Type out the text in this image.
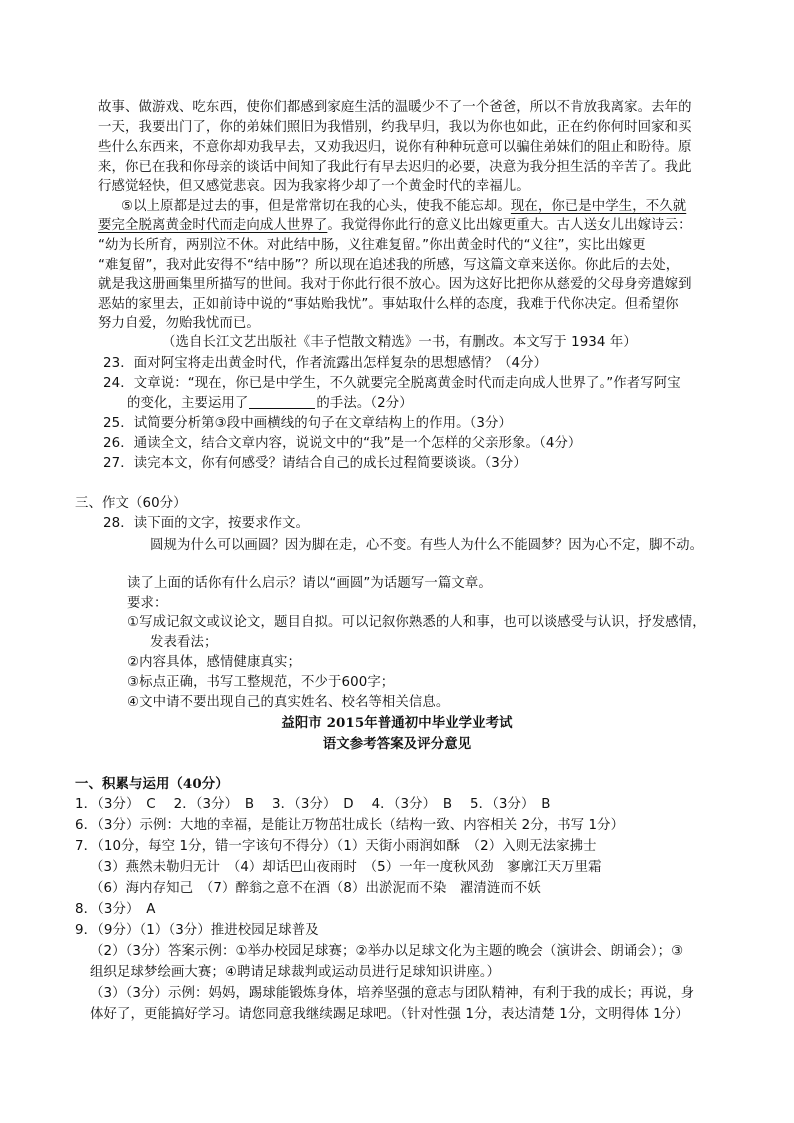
故事、做游戏、吃东西，使你们都感到家庭生活的温暖少不了一个爸爸，所以不肯放我离家。去年的
一天，我要出门了，你的弟妹们照旧为我惜别，约我早归，我以为你也如此，正在约你何时回家和买
些什么东西来，不意你却劝我早去，又劝我迟归，说你有种种玩意可以骗住弟妹们的阻止和盼待。原
来，你已在我和你母亲的谈话中间知了我此行有早去迟归的必要，决意为我分担生活的辛苦了。我此
行感觉轻快，但又感觉悲哀。因为我家将少却了一个黄金时代的幸福儿。
⑤以上原都是过去的事，但是常常切在我的心头，使我不能忘却。现在，你已是中学生，不久就
要完全脱离黄金时代而走向成人世界了。我觉得你此行的意义比出嫁更重大。古人送女儿出嫁诗云：
“幼为长所育，两别泣不休。对此结中肠，义往难复留。”你出黄金时代的“义往”，实比出嫁更
“难复留”，我对此安得不“结中肠”？所以现在追述我的所感，写这篇文章来送你。你此后的去处，
就是我这册画集里所描写的世间。我对于你此行很不放心。因为这好比把你从慈爱的父母身旁遣嫁到
恶姑的家里去，正如前诗中说的“事姑贻我忧”。事姑取什么样的态度，我难于代你决定。但希望你
努力自爱，勿贻我忧而已。
（选自长江文艺出版社《丰子恺散文精选》一书，有删改。本文写于 1934 年）
23．面对阿宝将走出黄金时代，作者流露出怎样复杂的思想感情？（4分）
24．文章说：“现在，你已是中学生，不久就要完全脱离黄金时代而走向成人世界了。”作者写阿宝
的变化，主要运用了	的手法。（2分）
25．试简要分析第③段中画横线的句子在文章结构上的作用。（3分）
26．通读全文，结合文章内容，说说文中的“我”是一个怎样的父亲形象。（4分）
27．读完本文，你有何感受？请结合自己的成长过程简要谈谈。（3分）
三、作文（60分）
28．读下面的文字，按要求作文。
圆规为什么可以画圆？因为脚在走，心不变。有些人为什么不能圆梦？因为心不定，脚不动。
读了上面的话你有什么启示？请以“画圆”为话题写一篇文章。
要求：
①写成记叙文或议论文，题目自拟。可以记叙你熟悉的人和事，也可以谈感受与认识，抒发感情，
发表看法；
②内容具体，感情健康真实；
③标点正确，书写工整规范，不少于600字；
④文中请不要出现自己的真实姓名、校名等相关信息。
益阳市 2015年普通初中毕业学业考试
语文参考答案及评分意见
一、积累与运用（40分）
1．（3分）　C　 2．（3分）　B　 3．（3分）　D　 4．（3分）　B　 5．（3分）　B
6．（3分）示例：大地的幸福，是能让万物茁壮成长（结构一致、内容相关 2分，书写 1分）
7．（10分，每空 1分，错一字该句不得分）（1）天街小雨润如酥　（2）入则无法家拂士
（3）燕然未勒归无计　（4）却话巴山夜雨时　（5）一年一度秋风劲　寥廓江天万里霜
（6）海内存知己　（7）醉翁之意不在酒（8）出淤泥而不染　濯清涟而不妖
8．（3分）　A
9．（9分）（1）（3分）推进校园足球普及
（2）（3分）答案示例：①举办校园足球赛；②举办以足球文化为主题的晚会（演讲会、朗诵会）；③
组织足球梦绘画大赛；④聘请足球裁判或运动员进行足球知识讲座。）
（3）（3分）示例：妈妈，踢球能锻炼身体，培养坚强的意志与团队精神，有利于我的成长；再说，身
体好了，更能搞好学习。请您同意我继续踢足球吧。（针对性强 1分，表达清楚 1分，文明得体 1分）
